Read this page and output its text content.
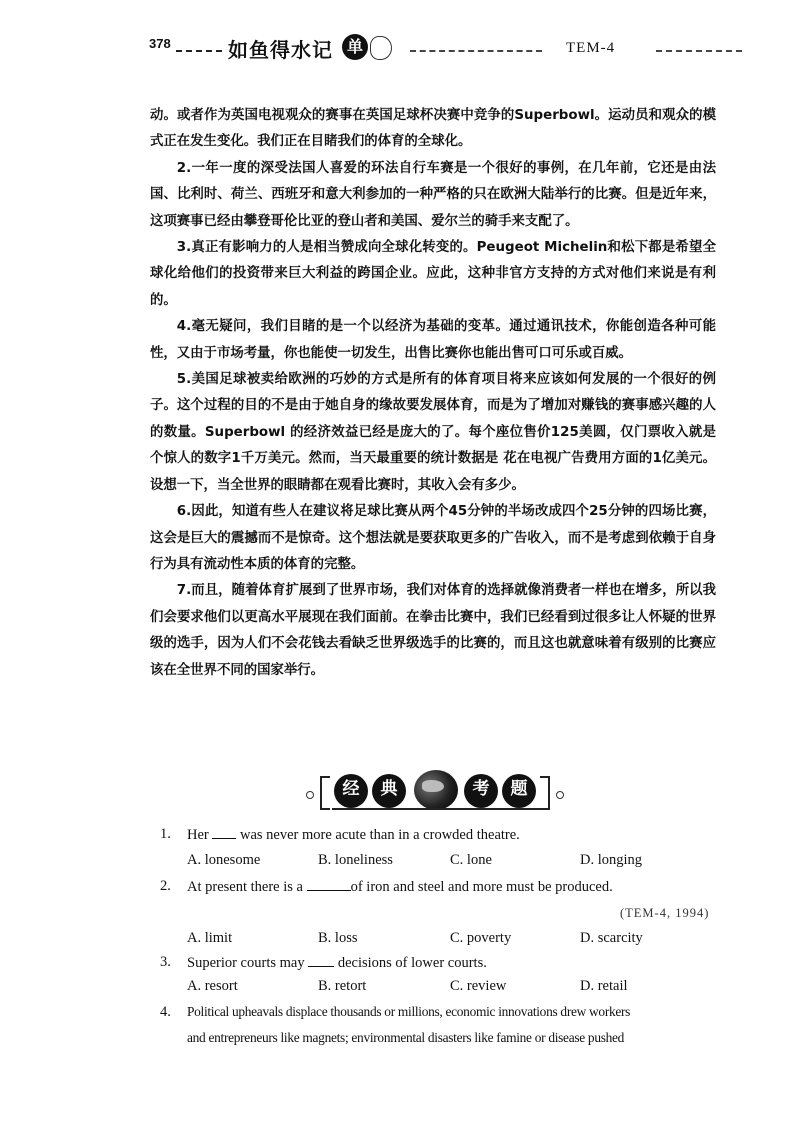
378	如鱼得水记 单	TEM-4

动。或者作为英国电视观众的赛事在英国足球杯决赛中竞争的Superbowl。运动员和观众的模式正在发生变化。我们正在目睹我们的体育的全球化。

2.一年一度的深受法国人喜爱的环法自行车赛是一个很好的事例，在几年前，它还是由法国、比利时、荷兰、西班牙和意大利参加的一种严格的只在欧洲大陆举行的比赛。但是近年来，这项赛事已经由攀登哥伦比亚的登山者和美国、爱尔兰的骑手来支配了。

3.真正有影响力的人是相当赞成向全球化转变的。Peugeot Michelin和松下都是希望全球化给他们的投资带来巨大利益的跨国企业。应此，这种非官方支持的方式对他们来说是有利的。

4.毫无疑问，我们目睹的是一个以经济为基础的变革。通过通讯技术，你能创造各种可能性，又由于市场考量，你也能使一切发生，出售比赛你也能出售可口可乐或百威。

5.美国足球被卖给欧洲的巧妙的方式是所有的体育项目将来应该如何发展的一个很好的例子。这个过程的目的不是由于她自身的缘故要发展体育，而是为了增加对赚钱的赛事感兴趣的人的数量。Superbowl 的经济效益已经是庞大的了。每个座位售价125美圆，仅门票收入就是个惊人的数字1千万美元。然而，当天最重要的统计数据是 花在电视广告费用方面的1亿美元。设想一下，当全世界的眼睛都在观看比赛时，其收入会有多少。

6.因此，知道有些人在建议将足球比赛从两个45分钟的半场改成四个25分钟的四场比赛，这会是巨大的震撼而不是惊奇。这个想法就是要获取更多的广告收入，而不是考虑到依赖于自身行为具有流动性本质的体育的完整。

7.而且，随着体育扩展到了世界市场，我们对体育的选择就像消费者一样也在增多，所以我们会要求他们以更高水平展现在我们面前。在拳击比赛中，我们已经看到过很多让人怀疑的世界级的选手，因为人们不会花钱去看缺乏世界级选手的比赛的，而且这也就意味着有级别的比赛应该在全世界不同的国家举行。

经	典	考	题
1. Her was never more acute than in a crowded theatre.
A. lonesome	B. loneliness	C. lone	D. longing
2. At present there is a	of iron and steel and more must be produced.
(TEM-4, 1994)
A. limit	B. loss	C. poverty	D. scarcity
3. Superior courts may decisions of lower courts.
A. resort	B. retort	C. review	D. retail
4. Political upheavals displace thousands or millions, economic innovations drew workers
and entrepreneurs like magnets; environmental disasters like famine or disease pushed
